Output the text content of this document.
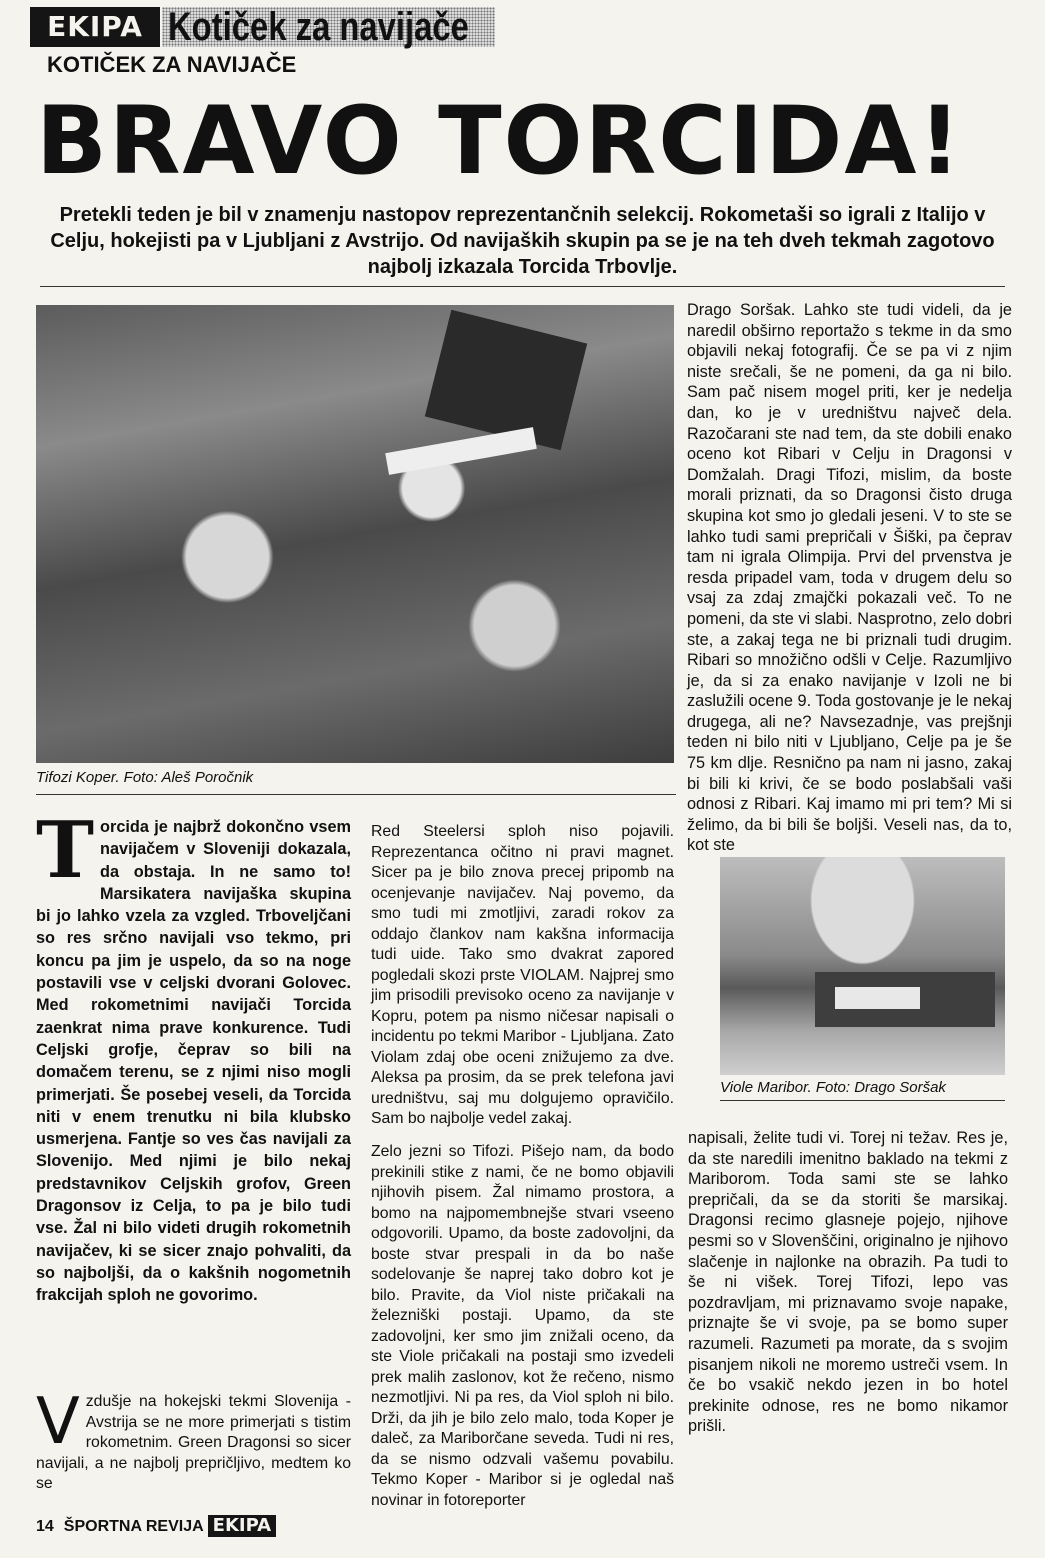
EKIPA Kotiček za navijače
KOTIČEK ZA NAVIJAČE
BRAVO TORCIDA!
Pretekli teden je bil v znamenju nastopov reprezentančnih selekcij. Rokometaši so igrali z Italijo v Celju, hokejisti pa v Ljubljani z Avstrijo. Od navijaških skupin pa se je na teh dveh tekmah zagotovo najbolj izkazala Torcida Trbovlje.
Tifozi Koper. Foto: Aleš Poročnik
Drago Soršak. Lahko ste tudi videli, da je naredil obširno reportažo s tekme in da smo objavili nekaj fotografij. Če se pa vi z njim niste srečali, še ne pomeni, da ga ni bilo. Sam pač nisem mogel priti, ker je nedelja dan, ko je v uredništvu največ dela. Razočarani ste nad tem, da ste dobili enako oceno kot Ribari v Celju in Dragonsi v Domžalah. Dragi Tifozi, mislim, da boste morali priznati, da so Dragonsi čisto druga skupina kot smo jo gledali jeseni. V to ste se lahko tudi sami prepričali v Šiški, pa čeprav tam ni igrala Olimpija. Prvi del prvenstva je resda pripadel vam, toda v drugem delu so vsaj za zdaj zmajčki pokazali več. To ne pomeni, da ste vi slabi. Nasprotno, zelo dobri ste, a zakaj tega ne bi priznali tudi drugim. Ribari so množično odšli v Celje. Razumljivo je, da si za enako navijanje v Izoli ne bi zaslužili ocene 9. Toda gostovanje je le nekaj drugega, ali ne? Navsezadnje, vas prejšnji teden ni bilo niti v Ljubljano, Celje pa je še 75 km dlje. Resnično pa nam ni jasno, zakaj bi bili ki krivi, če se bodo poslabšali vaši odnosi z Ribari. Kaj imamo mi pri tem? Mi si želimo, da bi bili še boljši. Veseli nas, da to, kot ste
Torcida je najbrž dokončno vsem navijačem v Sloveniji dokazala, da obstaja. In ne samo to! Marsikatera navijaška skupina bi jo lahko vzela za vzgled. Trboveljčani so res srčno navijali vso tekmo, pri koncu pa jim je uspelo, da so na noge postavili vse v celjski dvorani Golovec. Med rokometnimi navijači Torcida zaenkrat nima prave konkurence. Tudi Celjski grofje, čeprav so bili na domačem terenu, se z njimi niso mogli primerjati. Še posebej veseli, da Torcida niti v enem trenutku ni bila klubsko usmerjena. Fantje so ves čas navijali za Slovenijo. Med njimi je bilo nekaj predstavnikov Celjskih grofov, Green Dragonsov iz Celja, to pa je bilo tudi vse. Žal ni bilo videti drugih rokometnih navijačev, ki se sicer znajo pohvaliti, da so najboljši, da o kakšnih nogometnih frakcijah sploh ne govorimo.
Vzdušje na hokejski tekmi Slovenija - Avstrija se ne more primerjati s tistim rokometnim. Green Dragonsi so sicer navijali, a ne najbolj prepričljivo, medtem ko se
Red Steelersi sploh niso pojavili. Reprezentanca očitno ni pravi magnet. Sicer pa je bilo znova precej pripomb na ocenjevanje navijačev. Naj povemo, da smo tudi mi zmotljivi, zaradi rokov za oddajo člankov nam kakšna informacija tudi uide. Tako smo dvakrat zapored pogledali skozi prste VIOLAM. Najprej smo jim prisodili previsoko oceno za navijanje v Kopru, potem pa nismo ničesar napisali o incidentu po tekmi Maribor - Ljubljana. Zato Violam zdaj obe oceni znižujemo za dve. Aleksa pa prosim, da se prek telefona javi uredništvu, saj mu dolgujemo opravičilo. Sam bo najbolje vedel zakaj.
Zelo jezni so Tifozi. Pišejo nam, da bodo prekinili stike z nami, če ne bomo objavili njihovih pisem. Žal nimamo prostora, a bomo na najpomembnejše stvari vseeno odgovorili. Upamo, da boste zadovoljni, da boste stvar prespali in da bo naše sodelovanje še naprej tako dobro kot je bilo. Pravite, da Viol niste pričakali na železniški postaji. Upamo, da ste zadovoljni, ker smo jim znižali oceno, da ste Viole pričakali na postaji smo izvedeli prek malih zaslonov, kot že rečeno, nismo nezmotljivi. Ni pa res, da Viol sploh ni bilo. Drži, da jih je bilo zelo malo, toda Koper je daleč, za Mariborčane seveda. Tudi ni res, da se nismo odzvali vašemu povabilu. Tekmo Koper - Maribor si je ogledal naš novinar in fotoreporter
Viole Maribor. Foto: Drago Soršak
napisali, želite tudi vi. Torej ni težav. Res je, da ste naredili imenitno baklado na tekmi z Mariborom. Toda sami ste se lahko prepričali, da se da storiti še marsikaj. Dragonsi recimo glasneje pojejo, njihove pesmi so v Slovenščini, originalno je njihovo slačenje in najlonke na obrazih. Pa tudi to še ni višek. Torej Tifozi, lepo vas pozdravljam, mi priznavamo svoje napake, priznajte še vi svoje, pa se bomo super razumeli. Razumeti pa morate, da s svojim pisanjem nikoli ne moremo ustreči vsem. In če bo vsakič nekdo jezen in bo hotel prekinite odnose, res ne bomo nikamor prišli.
14 ŠPORTNA REVIJA EKIPA
